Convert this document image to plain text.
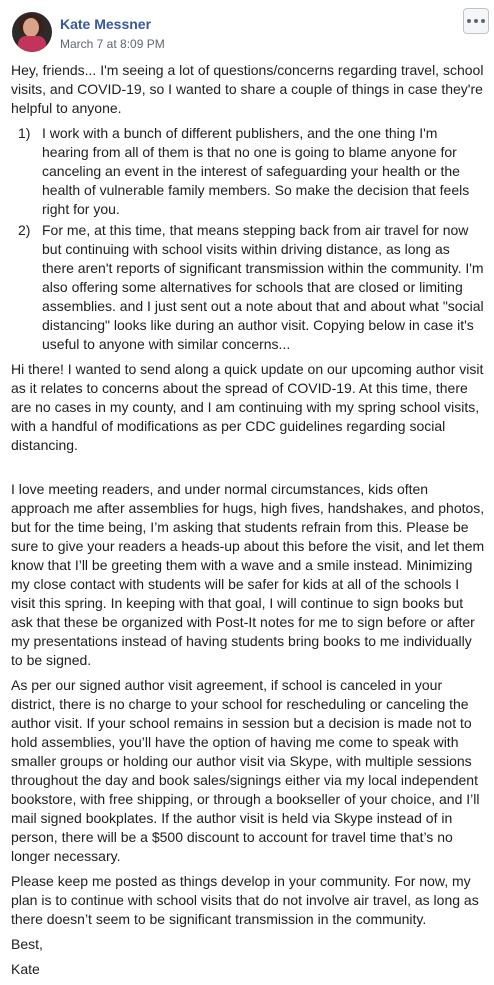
Kate Messner
March 7 at 8:09 PM

Hey, friends... I'm seeing a lot of questions/concerns regarding travel, school visits, and COVID-19, so I wanted to share a couple of things in case they're helpful to anyone.

1) I work with a bunch of different publishers, and the one thing I'm hearing from all of them is that no one is going to blame anyone for canceling an event in the interest of safeguarding your health or the health of vulnerable family members. So make the decision that feels right for you.
2) For me, at this time, that means stepping back from air travel for now but continuing with school visits within driving distance, as long as there aren't reports of significant transmission within the community. I'm also offering some alternatives for schools that are closed or limiting assemblies. and I just sent out a note about that and about what "social distancing" looks like during an author visit. Copying below in case it's useful to anyone with similar concerns...

Hi there! I wanted to send along a quick update on our upcoming author visit as it relates to concerns about the spread of COVID-19. At this time, there are no cases in my county, and I am continuing with my spring school visits, with a handful of modifications as per CDC guidelines regarding social distancing.

I love meeting readers, and under normal circumstances, kids often approach me after assemblies for hugs, high fives, handshakes, and photos, but for the time being, I’m asking that students refrain from this. Please be sure to give your readers a heads-up about this before the visit, and let them know that I’ll be greeting them with a wave and a smile instead. Minimizing my close contact with students will be safer for kids at all of the schools I visit this spring. In keeping with that goal, I will continue to sign books but ask that these be organized with Post-It notes for me to sign before or after my presentations instead of having students bring books to me individually to be signed.

As per our signed author visit agreement, if school is canceled in your district, there is no charge to your school for rescheduling or canceling the author visit. If your school remains in session but a decision is made not to hold assemblies, you’ll have the option of having me come to speak with smaller groups or holding our author visit via Skype, with multiple sessions throughout the day and book sales/signings either via my local independent bookstore, with free shipping, or through a bookseller of your choice, and I’ll mail signed bookplates. If the author visit is held via Skype instead of in person, there will be a $500 discount to account for travel time that’s no longer necessary.

Please keep me posted as things develop in your community. For now, my plan is to continue with school visits that do not involve air travel, as long as there doesn’t seem to be significant transmission in the community.

Best,

Kate
